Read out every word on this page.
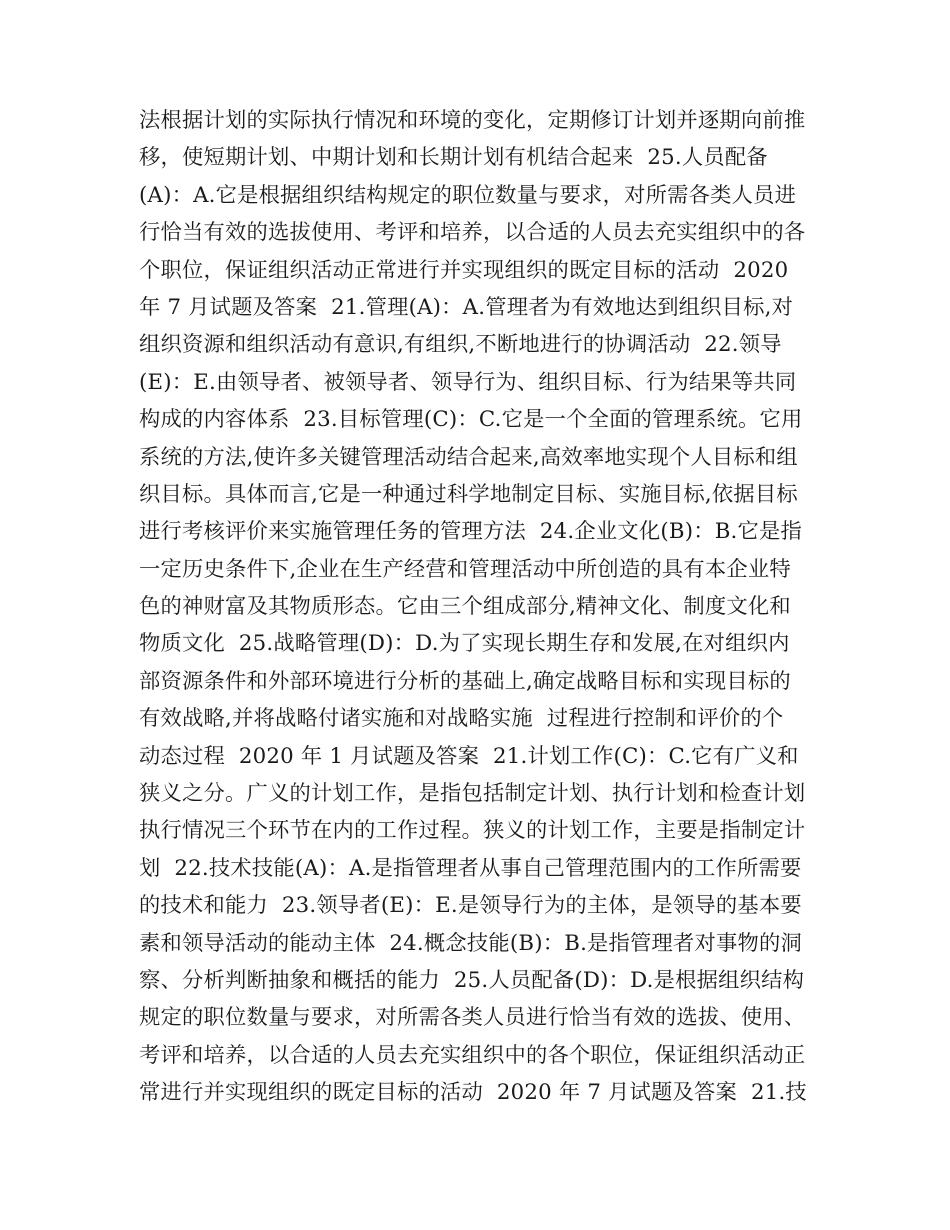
法根据计划的实际执行情况和环境的变化，定期修订计划并逐期向前推
移，使短期计划、中期计划和长期计划有机结合起来  25.人员配备
(A)：A.它是根据组织结构规定的职位数量与要求，对所需各类人员进
行恰当有效的选拔使用、考评和培养，以合适的人员去充实组织中的各
个职位，保证组织活动正常进行并实现组织的既定目标的活动  2020
年 7 月试题及答案  21.管理(A)：A.管理者为有效地达到组织目标,对
组织资源和组织活动有意识,有组织,不断地进行的协调活动  22.领导
(E)：E.由领导者、被领导者、领导行为、组织目标、行为结果等共同
构成的内容体系  23.目标管理(C)：C.它是一个全面的管理系统。它用
系统的方法,使许多关键管理活动结合起来,高效率地实现个人目标和组
织目标。具体而言,它是一种通过科学地制定目标、实施目标,依据目标
进行考核评价来实施管理任务的管理方法  24.企业文化(B)：B.它是指
一定历史条件下,企业在生产经营和管理活动中所创造的具有本企业特
色的神财富及其物质形态。它由三个组成部分,精神文化、制度文化和
物质文化  25.战略管理(D)：D.为了实现长期生存和发展,在对组织内
部资源条件和外部环境进行分析的基础上,确定战略目标和实现目标的
有效战略,并将战略付诸实施和对战略实施  过程进行控制和评价的个
动态过程  2020 年 1 月试题及答案  21.计划工作(C)：C.它有广义和
狭义之分。广义的计划工作，是指包括制定计划、执行计划和检查计划
执行情况三个环节在内的工作过程。狭义的计划工作，主要是指制定计
划  22.技术技能(A)：A.是指管理者从事自己管理范围内的工作所需要
的技术和能力  23.领导者(E)：E.是领导行为的主体，是领导的基本要
素和领导活动的能动主体  24.概念技能(B)：B.是指管理者对事物的洞
察、分析判断抽象和概括的能力  25.人员配备(D)：D.是根据组织结构
规定的职位数量与要求，对所需各类人员进行恰当有效的选拔、使用、
考评和培养，以合适的人员去充实组织中的各个职位，保证组织活动正
常进行并实现组织的既定目标的活动  2020 年 7 月试题及答案  21.技
